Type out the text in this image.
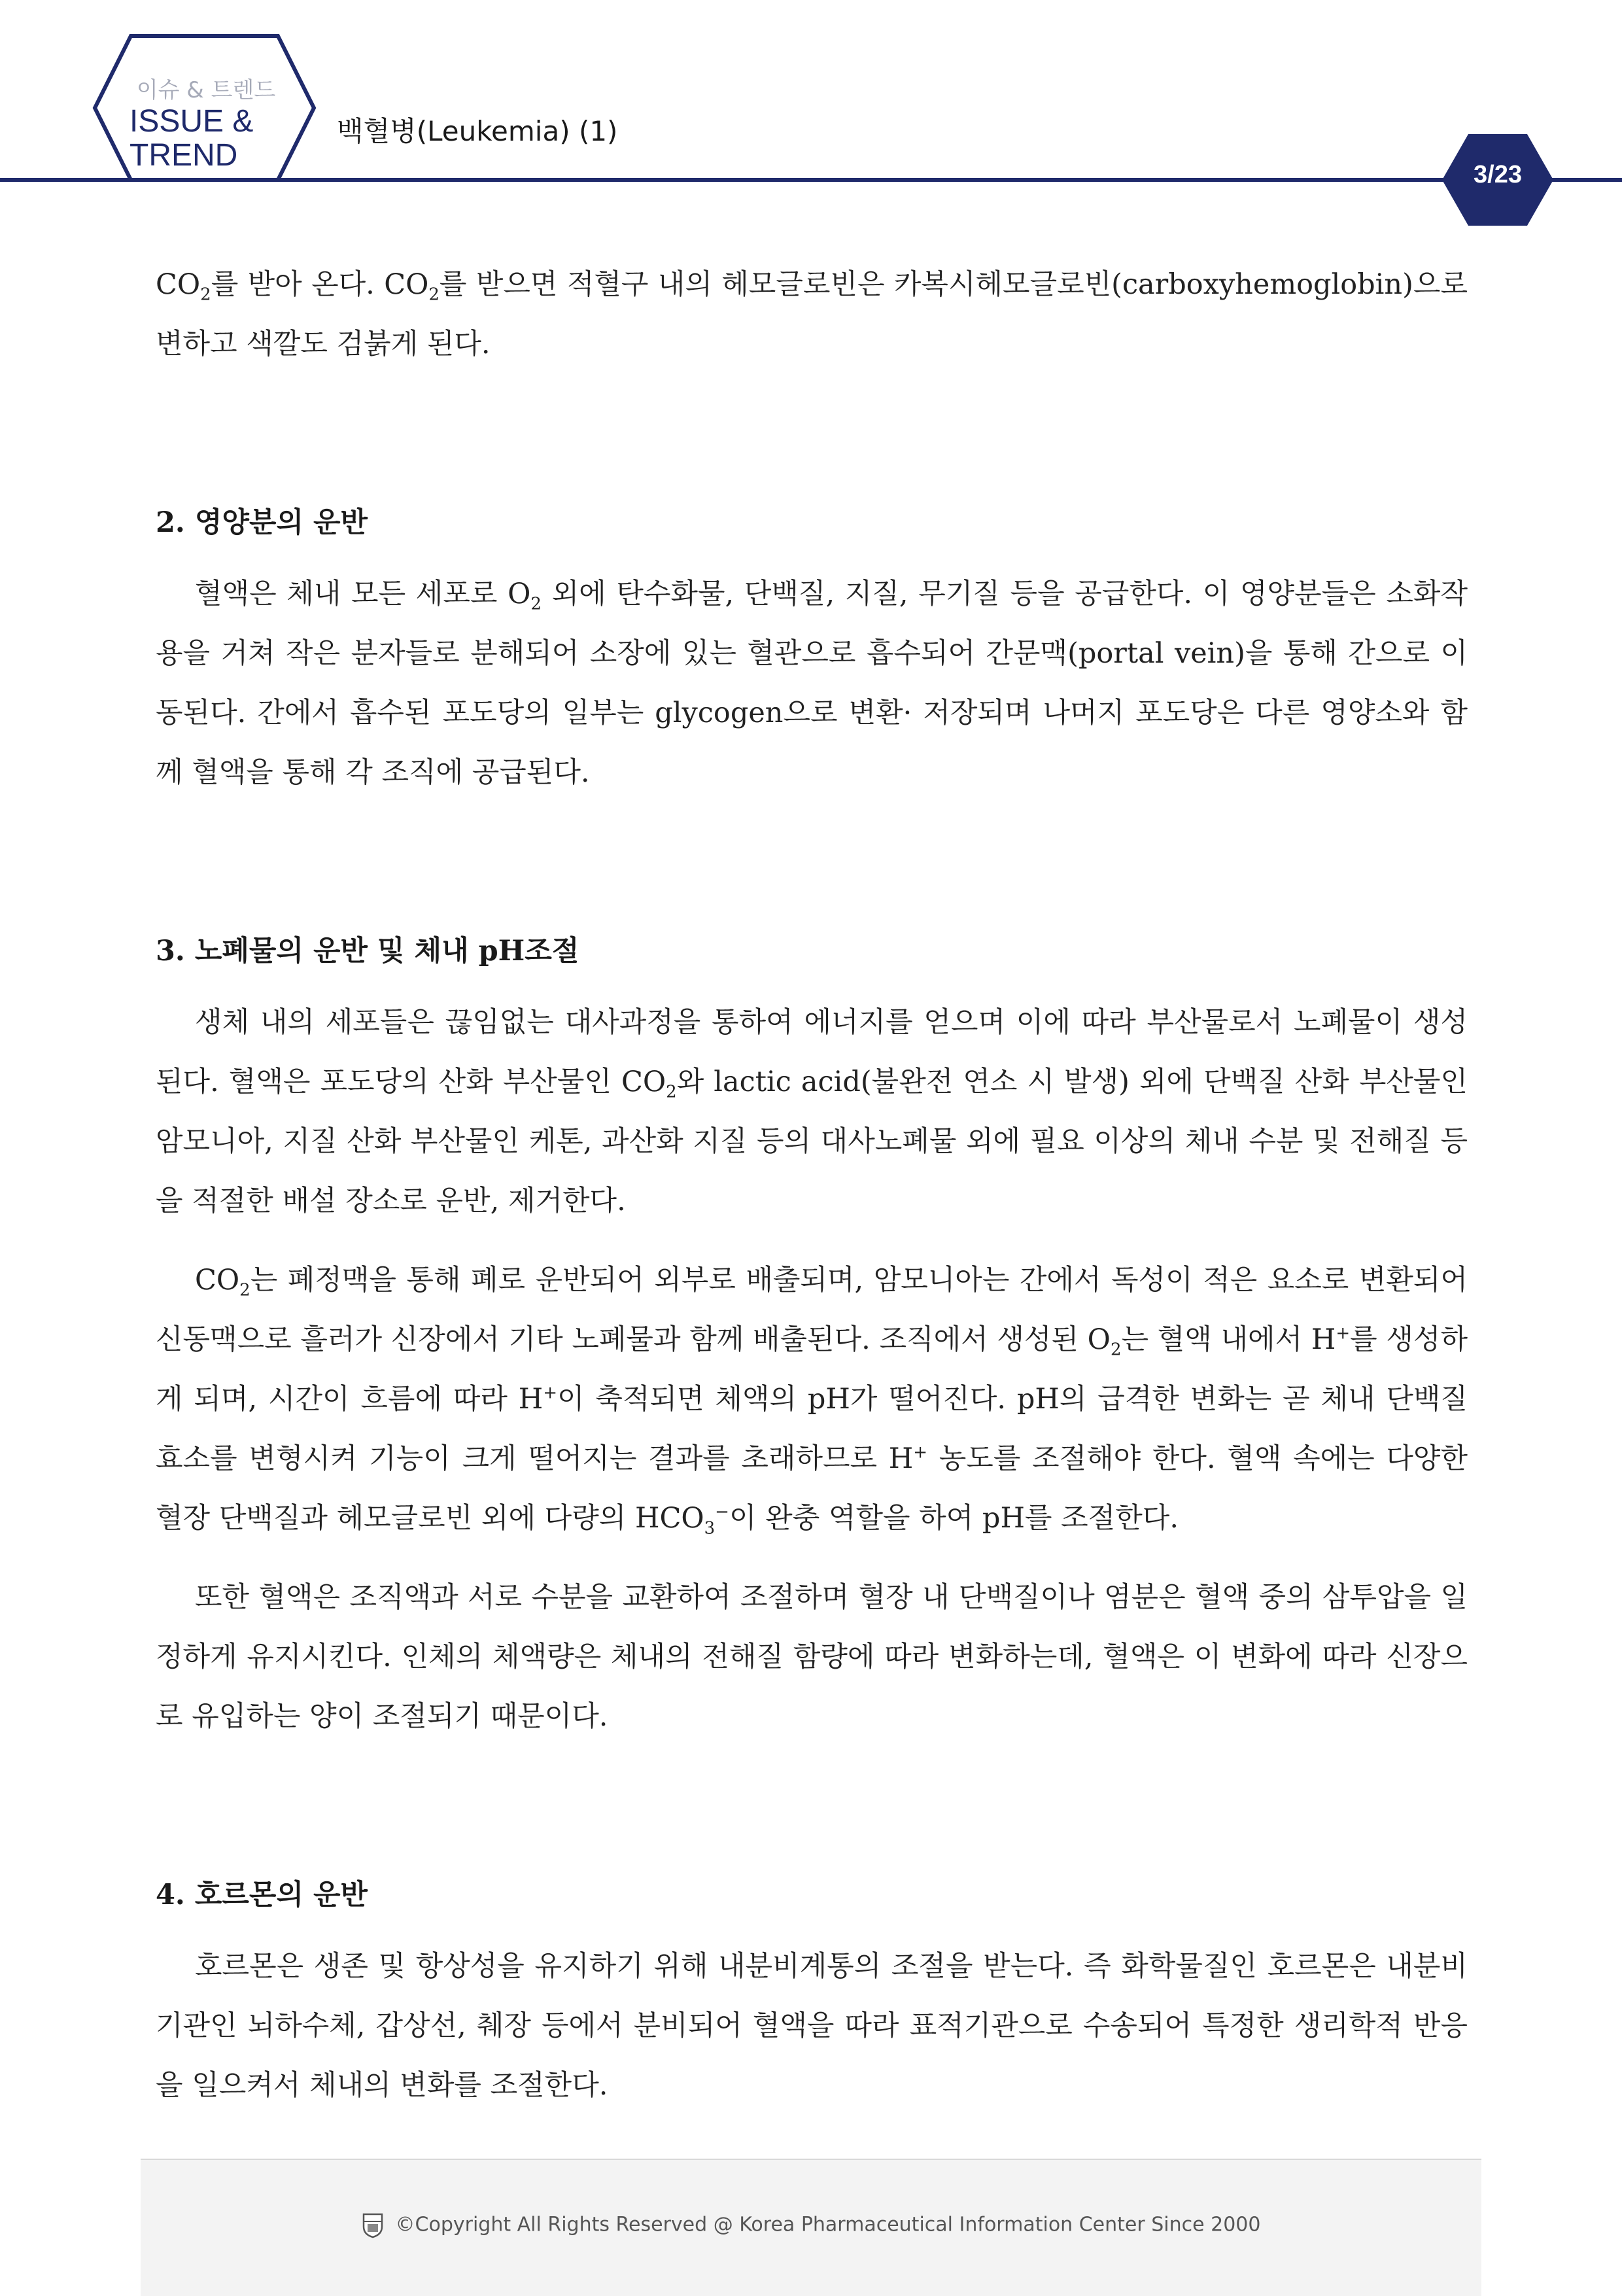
이슈 & 트렌드
ISSUE &
TREND
백혈병(Leukemia) (1)
3/23

$CO_2$를 받아 온다. $CO_2$를 받으면 적혈구 내의 헤모글로빈은 카복시헤모글로빈(carboxyhemoglobin)으로 변하고 색깔도 검붉게 된다.

2. 영양분의 운반

혈액은 체내 모든 세포로 $O_2$ 외에 탄수화물, 단백질, 지질, 무기질 등을 공급한다. 이 영양분들은 소화작용을 거쳐 작은 분자들로 분해되어 소장에 있는 혈관으로 흡수되어 간문맥(portal vein)을 통해 간으로 이동된다. 간에서 흡수된 포도당의 일부는 glycogen으로 변환· 저장되며 나머지 포도당은 다른 영양소와 함께 혈액을 통해 각 조직에 공급된다.

3. 노폐물의 운반 및 체내 pH조절

생체 내의 세포들은 끊임없는 대사과정을 통하여 에너지를 얻으며 이에 따라 부산물로서 노폐물이 생성된다. 혈액은 포도당의 산화 부산물인 $CO_2$와 lactic acid(불완전 연소 시 발생) 외에 단백질 산화 부산물인 암모니아, 지질 산화 부산물인 케톤, 과산화 지질 등의 대사노폐물 외에 필요 이상의 체내 수분 및 전해질 등을 적절한 배설 장소로 운반, 제거한다.

$CO_2$는 폐정맥을 통해 폐로 운반되어 외부로 배출되며, 암모니아는 간에서 독성이 적은 요소로 변환되어 신동맥으로 흘러가 신장에서 기타 노폐물과 함께 배출된다. 조직에서 생성된 $O_2$는 혈액 내에서 H+를 생성하게 되며, 시간이 흐름에 따라 H+이 축적되면 체액의 pH가 떨어진다. pH의 급격한 변화는 곧 체내 단백질 효소를 변형시켜 기능이 크게 떨어지는 결과를 초래하므로 H+ 농도를 조절해야 한다. 혈액 속에는 다양한 혈장 단백질과 헤모글로빈 외에 다량의 $HCO_3^-$이 완충 역할을 하여 pH를 조절한다.

또한 혈액은 조직액과 서로 수분을 교환하여 조절하며 혈장 내 단백질이나 염분은 혈액 중의 삼투압을 일정하게 유지시킨다. 인체의 체액량은 체내의 전해질 함량에 따라 변화하는데, 혈액은 이 변화에 따라 신장으로 유입하는 양이 조절되기 때문이다.

4. 호르몬의 운반

호르몬은 생존 및 항상성을 유지하기 위해 내분비계통의 조절을 받는다. 즉 화학물질인 호르몬은 내분비기관인 뇌하수체, 갑상선, 췌장 등에서 분비되어 혈액을 따라 표적기관으로 수송되어 특정한 생리학적 반응을 일으켜서 체내의 변화를 조절한다.

©Copyright All Rights Reserved @ Korea Pharmaceutical Information Center Since 2000
